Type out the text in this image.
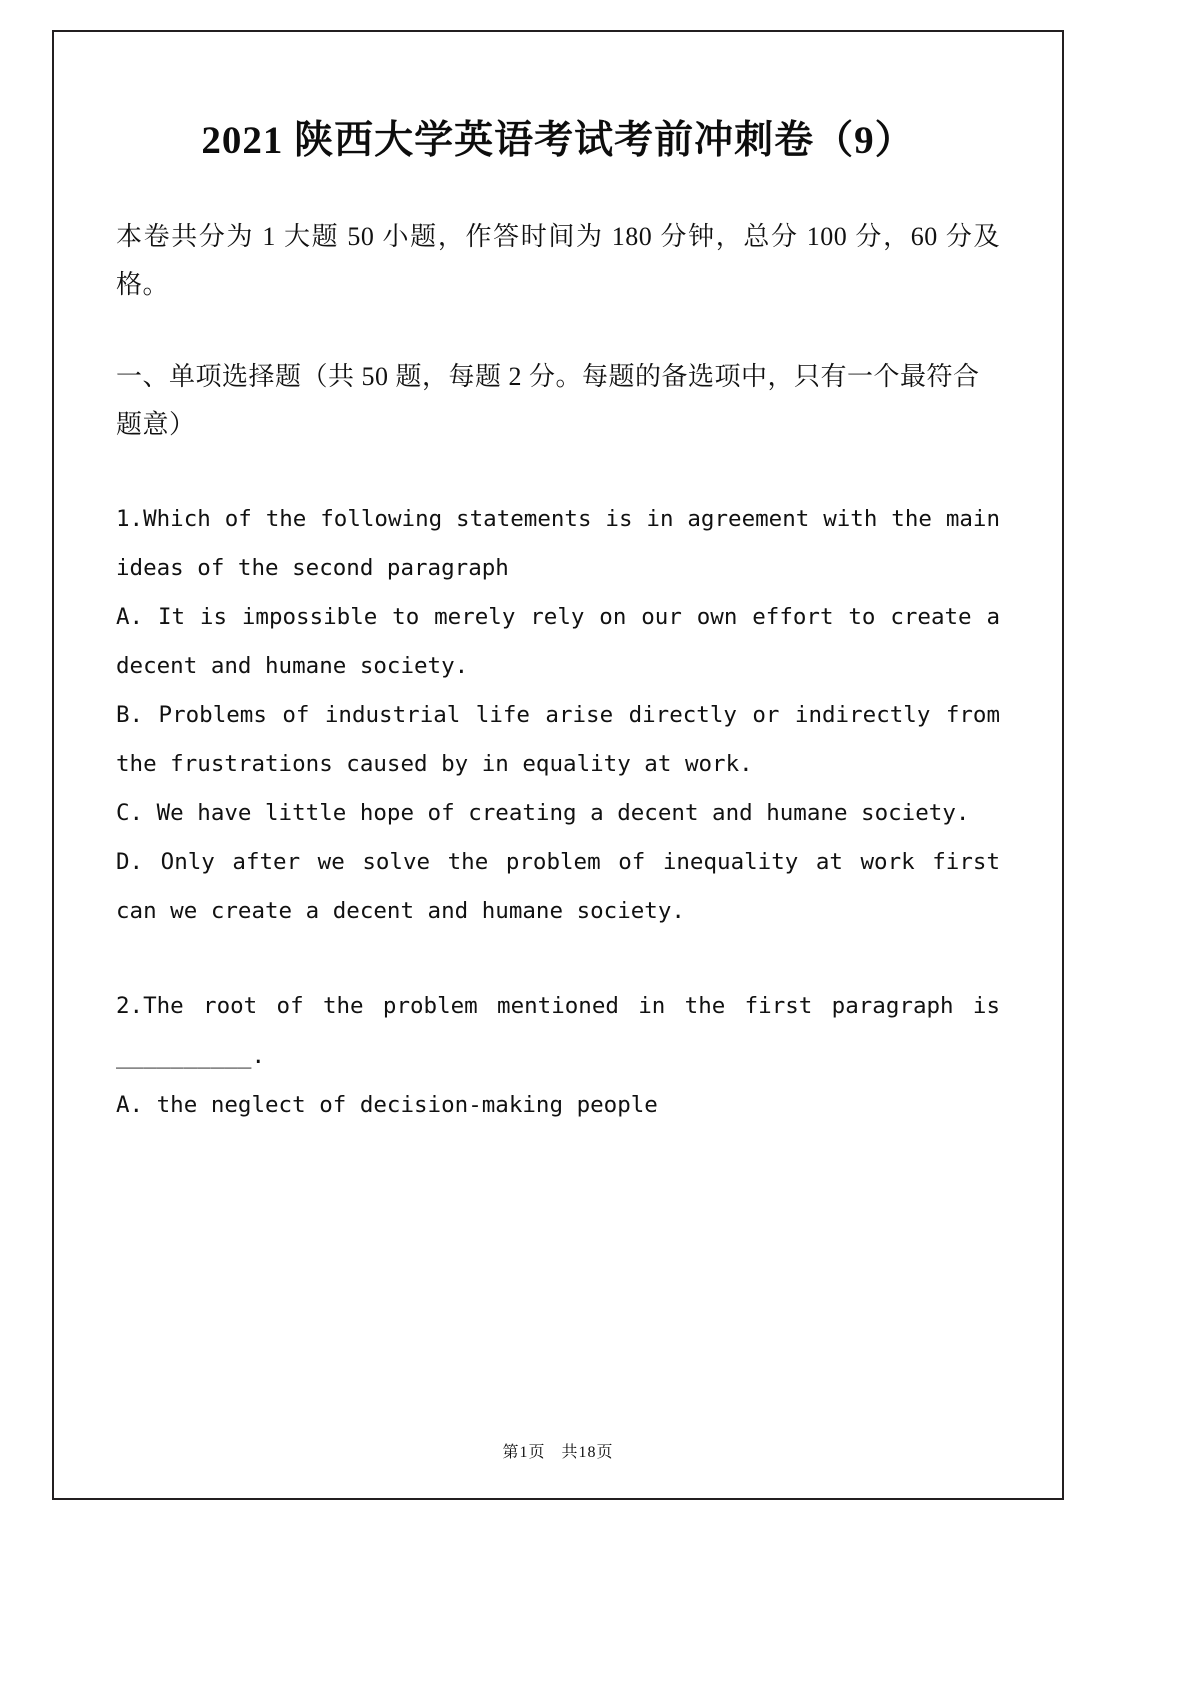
2021 陕西大学英语考试考前冲刺卷（9）

本卷共分为 1 大题 50 小题，作答时间为 180 分钟，总分 100 分，60 分及格。

一、单项选择题（共 50 题，每题 2 分。每题的备选项中，只有一个最符合题意）

1.Which of the following statements is in agreement with the main ideas of the second paragraph
A. It is impossible to merely rely on our own effort to create a decent and humane society.
B. Problems of industrial life arise directly or indirectly from the frustrations caused by in equality at work.
C. We have little hope of creating a decent and humane society.
D. Only after we solve the problem of inequality at work first can we create a decent and humane society.
2.The root of the problem mentioned in the first paragraph is __________.
A. the neglect of decision-making people
第1页 共18页
